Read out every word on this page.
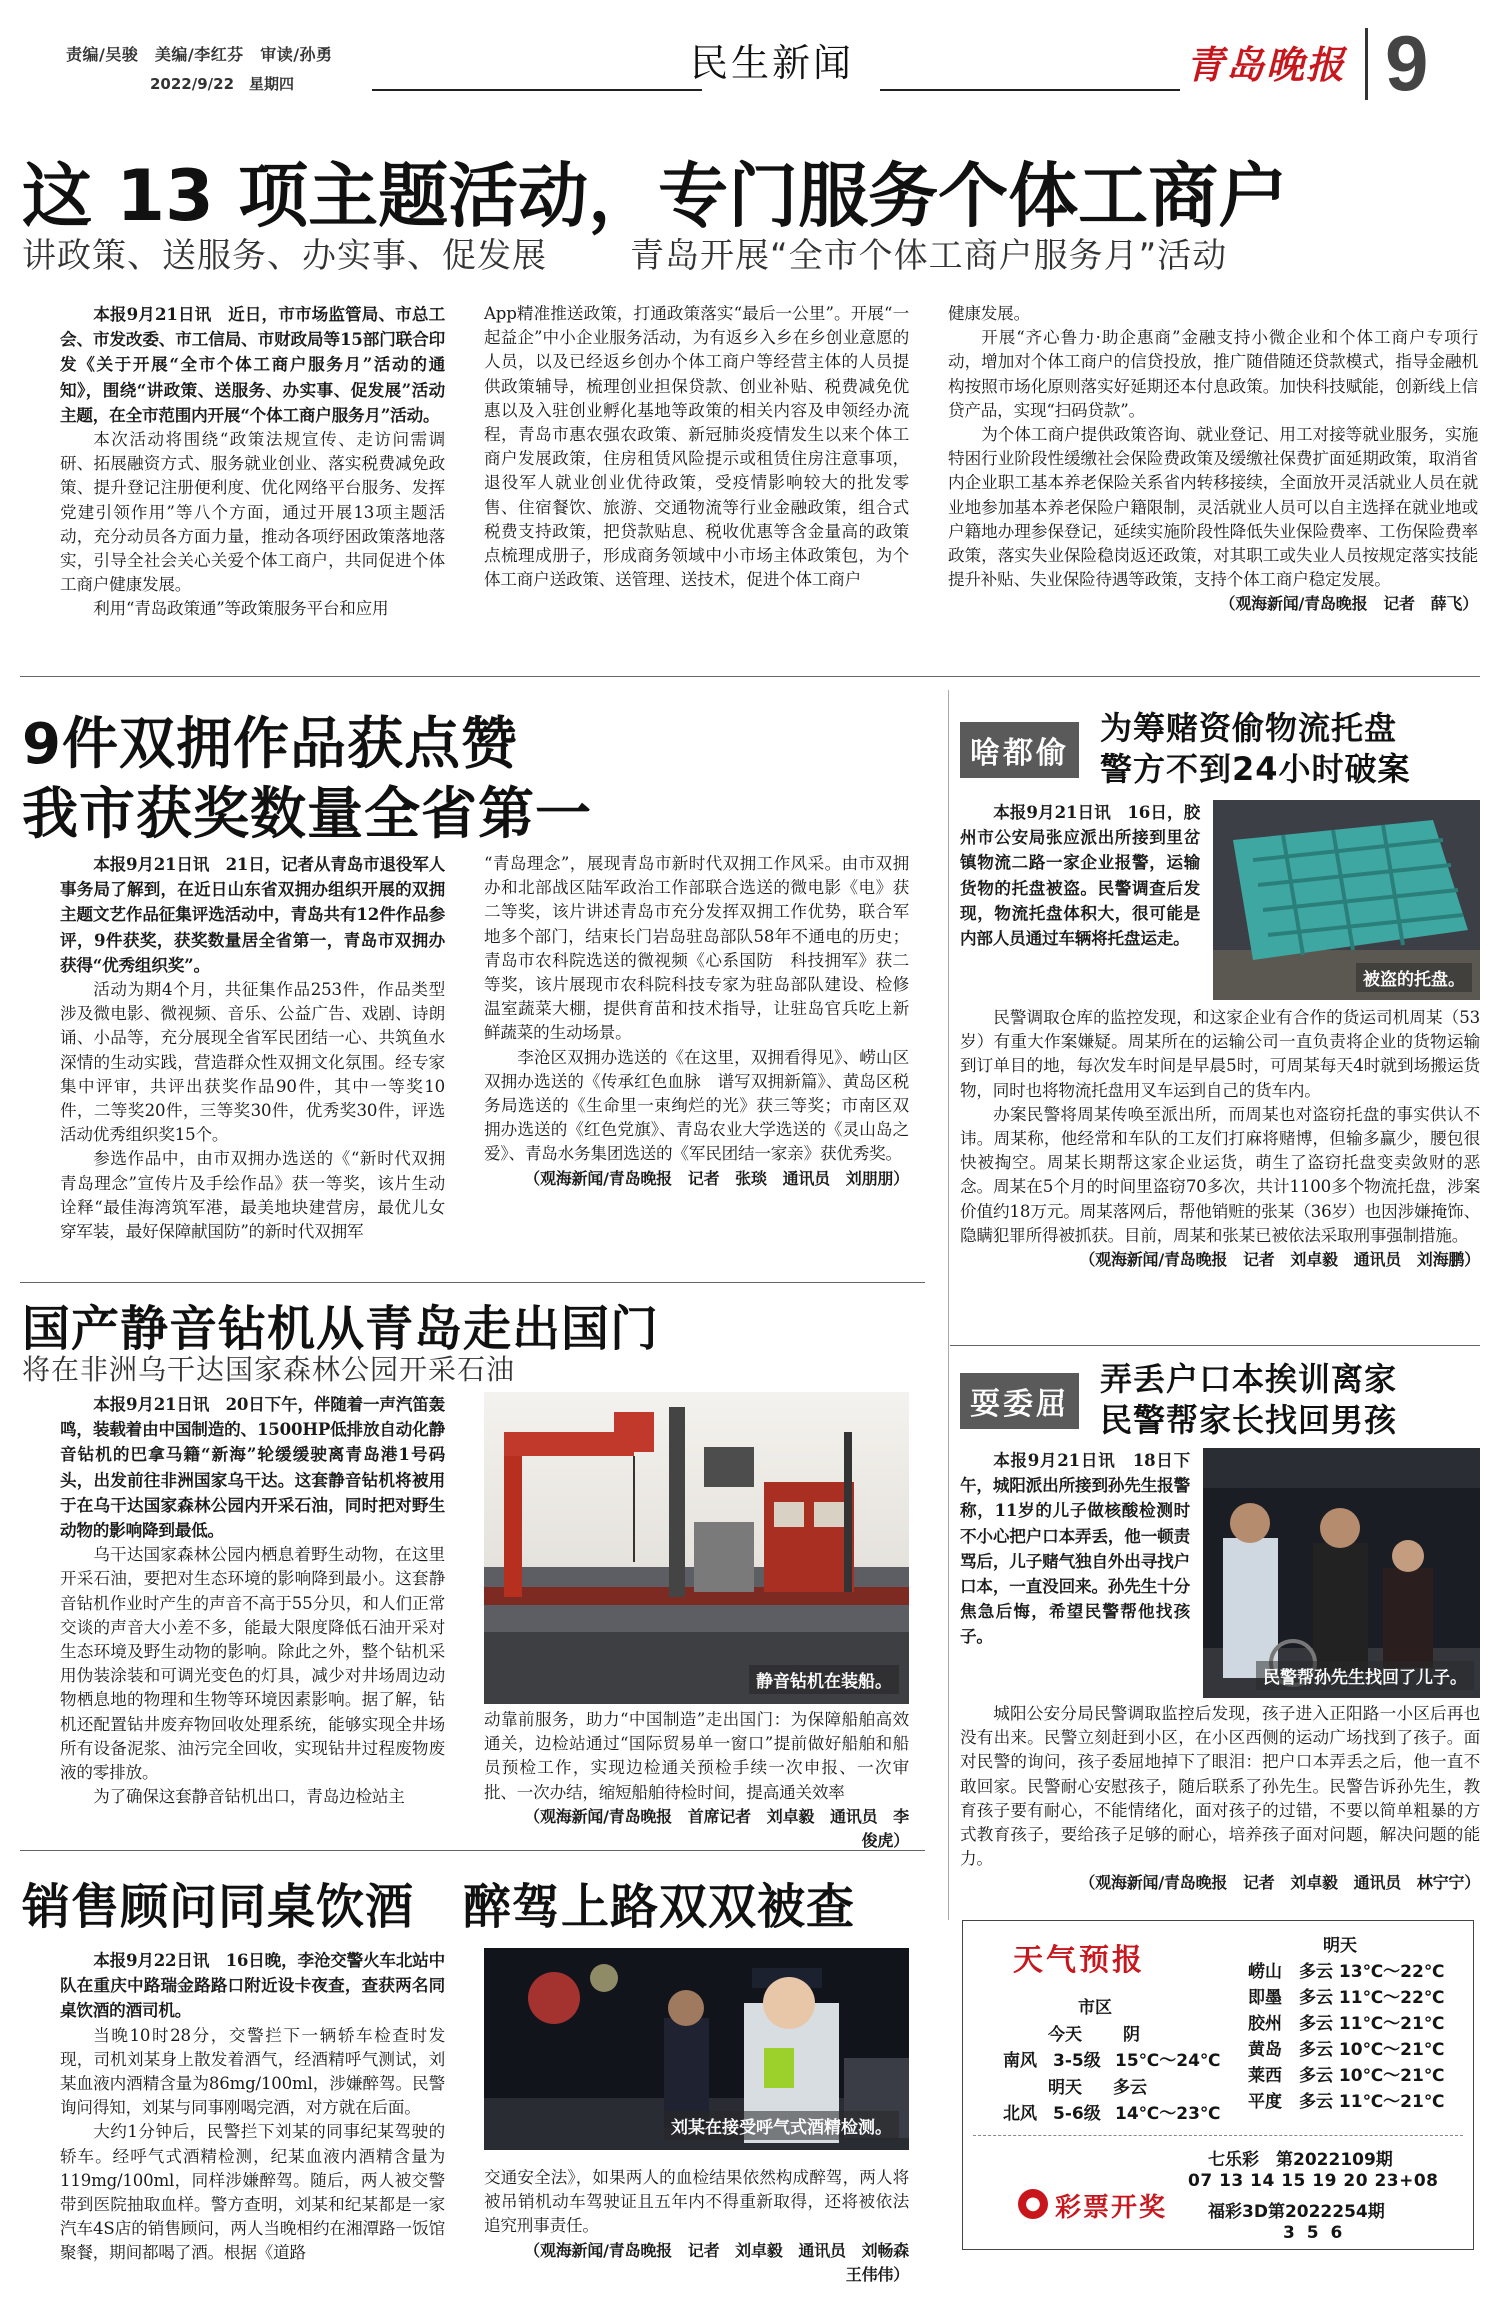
责编/吴骏　美编/李红芬　审读/孙勇
2022/9/22　星期四	民生新闻	青岛晚报 9
这 13 项主题活动，专门服务个体工商户
讲政策、送服务、办实事、促发展 青岛开展“全市个体工商户服务月”活动

本报9月21日讯　近日，市市场监管局、市总工会、市发改委、市工信局、市财政局等15部门联合印发《关于开展“全市个体工商户服务月”活动的通知》，围绕“讲政策、送服务、办实事、促发展”活动主题，在全市范围内开展“个体工商户服务月”活动。

本次活动将围绕“政策法规宣传、走访问需调研、拓展融资方式、服务就业创业、落实税费减免政策、提升登记注册便利度、优化网络平台服务、发挥党建引领作用”等八个方面，通过开展13项主题活动，充分动员各方面力量，推动各项纾困政策落地落实，引导全社会关心关爱个体工商户，共同促进个体工商户健康发展。

利用“青岛政策通”等政策服务平台和应用

App精准推送政策，打通政策落实“最后一公里”。开展“一起益企”中小企业服务活动，为有返乡入乡在乡创业意愿的人员，以及已经返乡创办个体工商户等经营主体的人员提供政策辅导，梳理创业担保贷款、创业补贴、税费减免优惠以及入驻创业孵化基地等政策的相关内容及申领经办流程，青岛市惠农强农政策、新冠肺炎疫情发生以来个体工商户发展政策，住房租赁风险提示或租赁住房注意事项，退役军人就业创业优待政策，受疫情影响较大的批发零售、住宿餐饮、旅游、交通物流等行业金融政策，组合式税费支持政策，把贷款贴息、税收优惠等含金量高的政策点梳理成册子，形成商务领域中小市场主体政策包，为个体工商户送政策、送管理、送技术，促进个体工商户

健康发展。

开展“齐心鲁力·助企惠商”金融支持小微企业和个体工商户专项行动，增加对个体工商户的信贷投放，推广随借随还贷款模式，指导金融机构按照市场化原则落实好延期还本付息政策。加快科技赋能，创新线上信贷产品，实现“扫码贷款”。

为个体工商户提供政策咨询、就业登记、用工对接等就业服务，实施特困行业阶段性缓缴社会保险费政策及缓缴社保费扩面延期政策，取消省内企业职工基本养老保险关系省内转移接续，全面放开灵活就业人员在就业地参加基本养老保险户籍限制，灵活就业人员可以自主选择在就业地或户籍地办理参保登记，延续实施阶段性降低失业保险费率、工伤保险费率政策，落实失业保险稳岗返还政策，对其职工或失业人员按规定落实技能提升补贴、失业保险待遇等政策，支持个体工商户稳定发展。

（观海新闻/青岛晚报　记者　薛飞）

9件双拥作品获点赞
我市获奖数量全省第一

本报9月21日讯　21日，记者从青岛市退役军人事务局了解到，在近日山东省双拥办组织开展的双拥主题文艺作品征集评选活动中，青岛共有12件作品参评，9件获奖，获奖数量居全省第一，青岛市双拥办获得“优秀组织奖”。

活动为期4个月，共征集作品253件，作品类型涉及微电影、微视频、音乐、公益广告、戏剧、诗朗诵、小品等，充分展现全省军民团结一心、共筑鱼水深情的生动实践，营造群众性双拥文化氛围。经专家集中评审，共评出获奖作品90件，其中一等奖10件，二等奖20件，三等奖30件，优秀奖30件，评选活动优秀组织奖15个。

参选作品中，由市双拥办选送的《“新时代双拥青岛理念”宣传片及手绘作品》获一等奖，该片生动诠释“最佳海湾筑军港，最美地块建营房，最优儿女穿军装，最好保障献国防”的新时代双拥军

“青岛理念”，展现青岛市新时代双拥工作风采。由市双拥办和北部战区陆军政治工作部联合选送的微电影《电》获二等奖，该片讲述青岛市充分发挥双拥工作优势，联合军地多个部门，结束长门岩岛驻岛部队58年不通电的历史；青岛市农科院选送的微视频《心系国防　科技拥军》获二等奖，该片展现市农科院科技专家为驻岛部队建设、检修温室蔬菜大棚，提供育苗和技术指导，让驻岛官兵吃上新鲜蔬菜的生动场景。

李沧区双拥办选送的《在这里，双拥看得见》、崂山区双拥办选送的《传承红色血脉　谱写双拥新篇》、黄岛区税务局选送的《生命里一束绚烂的光》获三等奖；市南区双拥办选送的《红色党旗》、青岛农业大学选送的《灵山岛之爱》、青岛水务集团选送的《军民团结一家亲》获优秀奖。

（观海新闻/青岛晚报　记者　张琰　通讯员　刘朋朋）

国产静音钻机从青岛走出国门
将在非洲乌干达国家森林公园开采石油

本报9月21日讯　20日下午，伴随着一声汽笛轰鸣，装载着由中国制造的、1500HP低排放自动化静音钻机的巴拿马籍“新海”轮缓缓驶离青岛港1号码头，出发前往非洲国家乌干达。这套静音钻机将被用于在乌干达国家森林公园内开采石油，同时把对野生动物的影响降到最低。

乌干达国家森林公园内栖息着野生动物，在这里开采石油，要把对生态环境的影响降到最小。这套静音钻机作业时产生的声音不高于55分贝，和人们正常交谈的声音大小差不多，能最大限度降低石油开采对生态环境及野生动物的影响。除此之外，整个钻机采用伪装涂装和可调光变色的灯具，减少对井场周边动物栖息地的物理和生物等环境因素影响。据了解，钻机还配置钻井废弃物回收处理系统，能够实现全井场所有设备泥浆、油污完全回收，实现钻井过程废物废液的零排放。

为了确保这套静音钻机出口，青岛边检站主

静音钻机在装船。

动靠前服务，助力“中国制造”走出国门：为保障船舶高效通关，边检站通过“国际贸易单一窗口”提前做好船舶和船员预检工作，实现边检通关预检手续一次申报、一次审批、一次办结，缩短船舶待检时间，提高通关效率

（观海新闻/青岛晚报　首席记者　刘卓毅　通讯员　李俊虎）

销售顾问同桌饮酒　醉驾上路双双被查

本报9月22日讯　16日晚，李沧交警火车北站中队在重庆中路瑞金路路口附近设卡夜查，查获两名同桌饮酒的酒司机。

当晚10时28分，交警拦下一辆轿车检查时发现，司机刘某身上散发着酒气，经酒精呼气测试，刘某血液内酒精含量为86mg/100ml，涉嫌醉驾。民警询问得知，刘某与同事刚喝完酒，对方就在后面。

大约1分钟后，民警拦下刘某的同事纪某驾驶的轿车。经呼气式酒精检测，纪某血液内酒精含量为119mg/100ml，同样涉嫌醉驾。随后，两人被交警带到医院抽取血样。警方查明，刘某和纪某都是一家汽车4S店的销售顾问，两人当晚相约在湘潭路一饭馆聚餐，期间都喝了酒。根据《道路

刘某在接受呼气式酒精检测。

交通安全法》，如果两人的血检结果依然构成醉驾，两人将被吊销机动车驾驶证且五年内不得重新取得，还将被依法追究刑事责任。

（观海新闻/青岛晚报　记者　刘卓毅　通讯员　刘畅森　王伟伟）

啥都偷
为筹赌资偷物流托盘
警方不到24小时破案

本报9月21日讯　16日，胶州市公安局张应派出所接到里岔镇物流二路一家企业报警，运输货物的托盘被盗。民警调查后发现，物流托盘体积大，很可能是内部人员通过车辆将托盘运走。

被盗的托盘。

民警调取仓库的监控发现，和这家企业有合作的货运司机周某（53岁）有重大作案嫌疑。周某所在的运输公司一直负责将企业的货物运输到订单目的地，每次发车时间是早晨5时，可周某每天4时就到场搬运货物，同时也将物流托盘用叉车运到自己的货车内。

办案民警将周某传唤至派出所，而周某也对盗窃托盘的事实供认不讳。周某称，他经常和车队的工友们打麻将赌博，但输多赢少，腰包很快被掏空。周某长期帮这家企业运货，萌生了盗窃托盘变卖敛财的恶念。周某在5个月的时间里盗窃70多次，共计1100多个物流托盘，涉案价值约18万元。周某落网后，帮他销赃的张某（36岁）也因涉嫌掩饰、隐瞒犯罪所得被抓获。目前，周某和张某已被依法采取刑事强制措施。

（观海新闻/青岛晚报　记者　刘卓毅　通讯员　刘海鹏）

耍委屈
弄丢户口本挨训离家
民警帮家长找回男孩

本报9月21日讯　18日下午，城阳派出所接到孙先生报警称，11岁的儿子做核酸检测时不小心把户口本弄丢，他一顿责骂后，儿子赌气独自外出寻找户口本，一直没回来。孙先生十分焦急后悔，希望民警帮他找孩子。

民警帮孙先生找回了儿子。

城阳公安分局民警调取监控后发现，孩子进入正阳路一小区后再也没有出来。民警立刻赶到小区，在小区西侧的运动广场找到了孩子。面对民警的询问，孩子委屈地掉下了眼泪：把户口本弄丢之后，他一直不敢回家。民警耐心安慰孩子，随后联系了孙先生。民警告诉孙先生，教育孩子要有耐心，不能情绪化，面对孩子的过错，不要以简单粗暴的方式教育孩子，要给孩子足够的耐心，培养孩子面对问题，解决问题的能力。

（观海新闻/青岛晚报　记者　刘卓毅　通讯员　林宁宁）

天气预报
市区
今天 阴
南风 3-5级 15℃～24℃
明天 多云
北风 5-6级 14℃～23℃
明天
崂山　 多云 13℃～22℃
即墨　 多云 11℃～22℃
胶州　 多云 11℃～21℃
黄岛　 多云 10℃～21℃
莱西　 多云 10℃～21℃
平度　 多云 11℃～21℃
● 彩票开奖
七乐彩　第2022109期
07 13 14 15 19 20 23+08
福彩3D第2022254期
3 5 6
